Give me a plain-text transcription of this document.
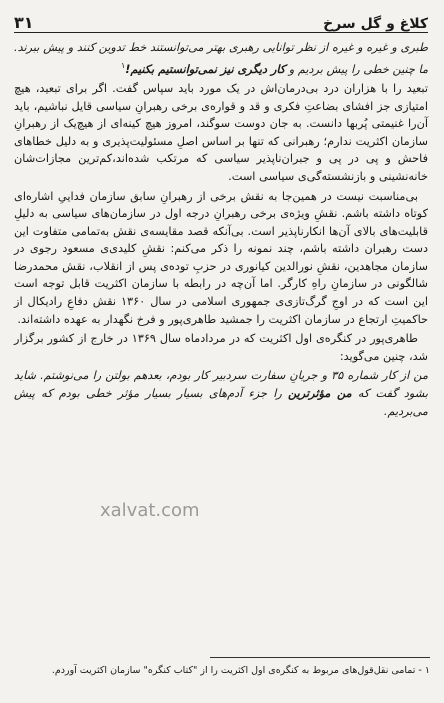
کلاغ و گل سرخ
۳۱

طبری و غیره و غیره از نظر توانایی رهبری بهتر می‌توانستند خط تدوین کنند و پیش ببرند. ما چنین خطی را پیش بردیم و کار دیگری نیز نمی‌توانستیم بکنیم!$^۱$

تبعید را با هزاران درد بی‌درمان‌اش در یک مورد باید سپاس گفت. اگر برای تبعید، هیچ امتیازی جز افشای بضاعتِ فکری و قد و قواره‌ی برخی رهبرانِ سیاسی قایل نباشیم، باید آن‌را غنیمتی پُربها دانست. به جان دوست سوگند، امروز هیچ کینه‌ای از هیچ‌یک از رهبرانِ سازمان اکثریت ندارم؛ رهبرانی که تنها بر اساس اصلِ مسئولیت‌پذیری و به دلیل خطاهای فاحش و پی در پی و جبران‌ناپذیر سیاسی که مرتکب شده‌اند،کم‌ترین مجازات‌شان خانه‌نشینی و بازنشسته‌گی‌ی سیاسی است.

بی‌مناسبت نیست در همین‌جا به نقش برخی از رهبرانِ سابق سازمان فداییِ اشاره‌ای کوتاه داشته باشم. نقشِ ویژه‌ی برخی رهبرانِ درجه اول در سازمان‌های سیاسی به دلیلِ قابلیت‌های بالای آن‌ها انکارناپذیر است. بی‌آنکه قصد مقایسه‌ی نقش به‌تمامی متفاوت این دست رهبران داشته باشم، چند نمونه را ذکر می‌کنم: نقشِ کلیدی‌ی مسعود رجوی در سازمان مجاهدین، نقشِ نورالدین کیانوری در حزبِ توده‌ی پس از انقلاب، نقش محمدرضا شالگونی در سازمانِ راهِ کارگر. اما آن‌چه در رابطه با سازمان اکثریت قابل توجه است این است که در اوجِ گرگ‌تازی‌ی جمهوری اسلامی در سال ۱۳۶۰ نقش دفاعِ رادیکال از حاکمیتِ ارتجاع در سازمان اکثریت را جمشید طاهری‌پور و فرخ نگهدار به عهده داشته‌اند.

طاهری‌پور در کنگره‌ی اول اکثریت که در مردادماه سال ۱۳۶۹ در خارج از کشور برگزار شد، چنین می‌گوید:

من از کار شماره ۳۵ و جریانِ سفارت سردبیر کار بودم، بعدهم بولتن را می‌نوشتم. شاید بشود گفت که من مؤثرترین را جزء آدم‌های بسیار بسیار مؤثر خطی بودم که پیش می‌بردیم.

xalvat.com
۱ - تمامی نقل‌قول‌های مربوط به کنگره‌ی اول اکثریت را از "کتاب کنگره" سازمان اکثریت آوردم.
